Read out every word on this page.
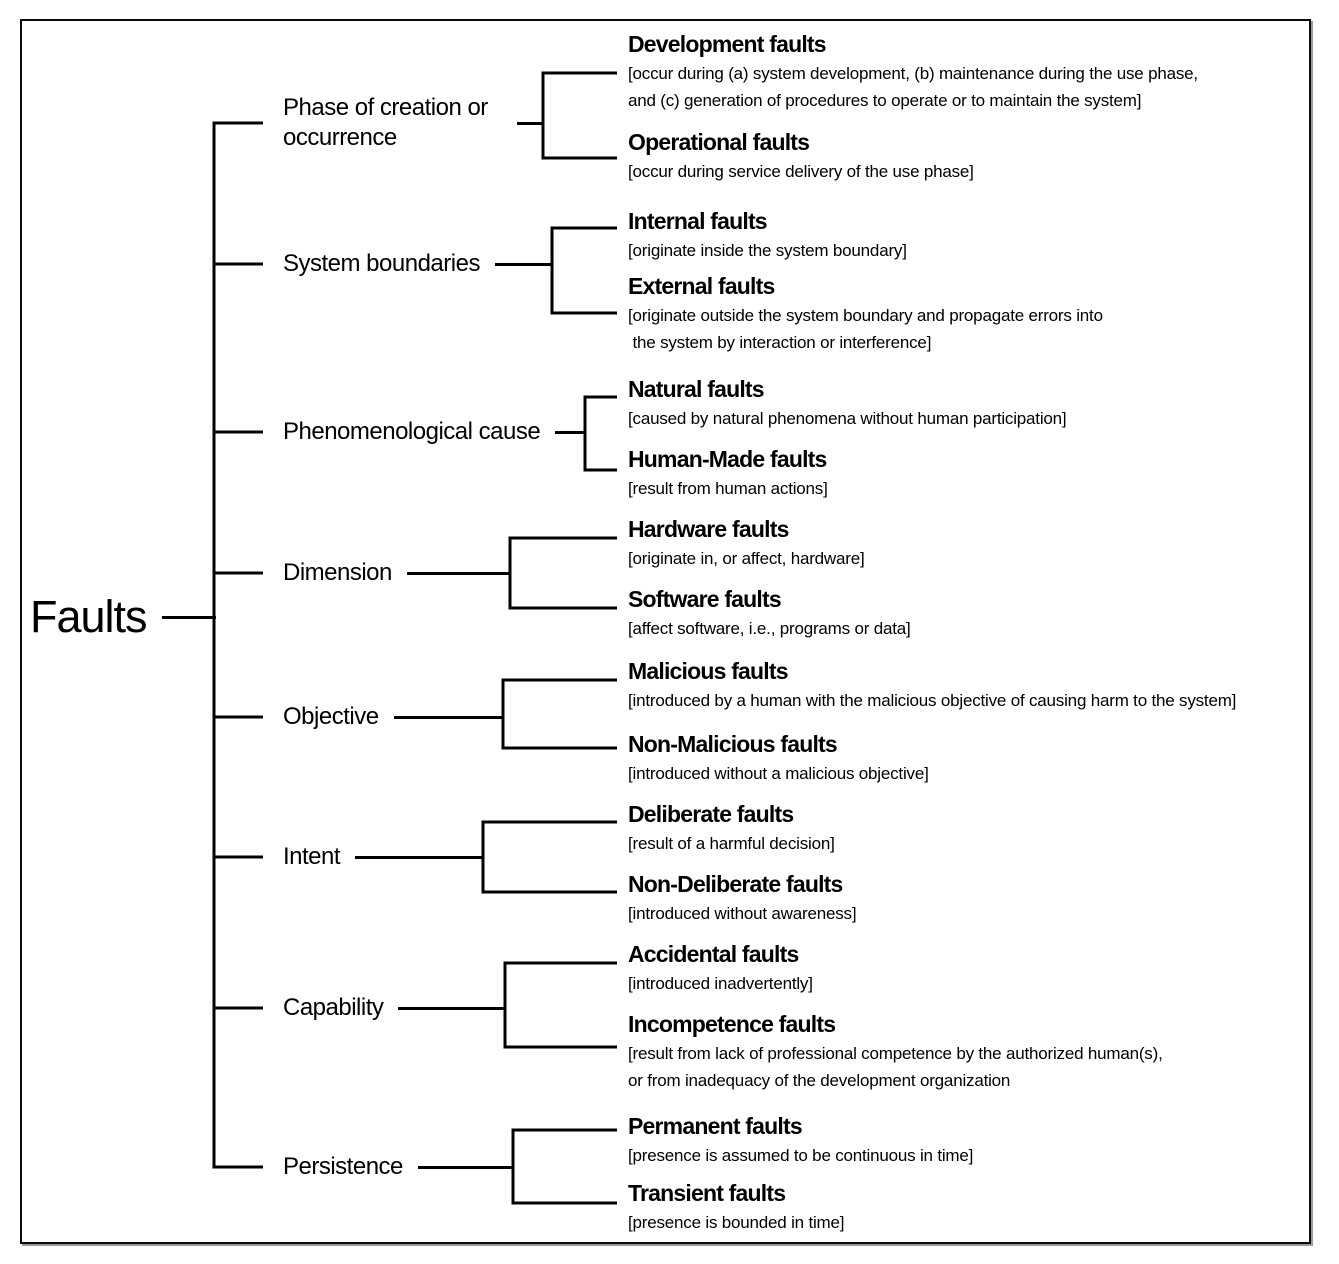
Faults
Phase of creation or occurrence
System boundaries
Phenomenological cause
Dimension
Objective
Intent
Capability
Persistence
Development faults
[occur during (a) system development, (b) maintenance during the use phase,
and (c) generation of procedures to operate or to maintain the system]
Operational faults
[occur during service delivery of the use phase]
Internal faults
[originate inside the system boundary]
External faults
[originate outside the system boundary and propagate errors into
the system by interaction or interference]
Natural faults
[caused by natural phenomena without human participation]
Human-Made faults
[result from human actions]
Hardware faults
[originate in, or affect, hardware]
Software faults
[affect software, i.e., programs or data]
Malicious faults
[introduced by a human with the malicious objective of causing harm to the system]
Non-Malicious faults
[introduced without a malicious objective]
Deliberate faults
[result of a harmful decision]
Non-Deliberate faults
[introduced without awareness]
Accidental faults
[introduced inadvertently]
Incompetence faults
[result from lack of professional competence by the authorized human(s),
or from inadequacy of the development organization
Permanent faults
[presence is assumed to be continuous in time]
Transient faults
[presence is bounded in time]
